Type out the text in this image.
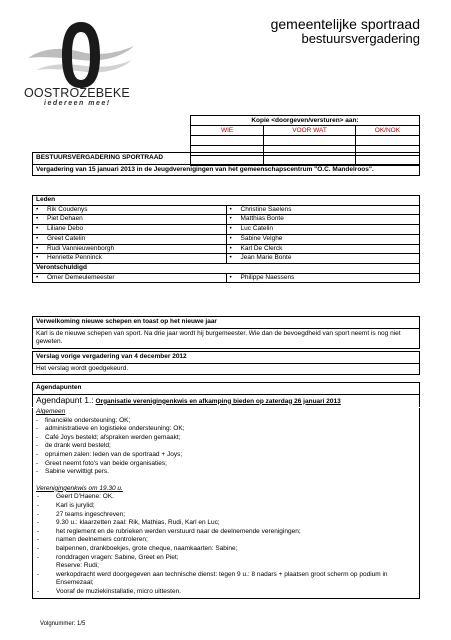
OOSTROZEBEKE
iedereen mee!
gemeentelijke sportraad
bestuursvergadering
Kopie <doorgeven/versturen> aan:		
WIE	VOOR WAT	OK/NOK

BESTUURSVERGADERING SPORTRAAD
Vergadering van 15 januari 2013 in de Jeugdverenigingen van het gemeenschapscentrum "O.C. Mandelroos".
Leden	
• Rik Coudenys	• Christine Saelens
• Piet Dehaen	• Matthias Bonte
• Liliane Debo	• Luc Catelin
• Greet Catelin	• Sabine Velghe
• Rudi Vannieuwenborgh	• Karl De Clerck
• Henriette Penninck	• Jean Marie Bonte
Verontschuldigd	
• Omer Demeulemeester	• Philippe Naessens
Verwelkoming nieuwe schepen en toast op het nieuwe jaar
Karl is de nieuwe schepen van sport. Na drie jaar wordt hij burgemeester. Wie dan de bevoegdheid van sport neemt is nog niet geweten.
Verslag vorige vergadering van 4 december 2012
Het verslag wordt goedgekeurd.
Agendapunten
Agendapunt 1.: Organisatie verenigingenkwis en afkamping bieden op zaterdag 26 januari 2013
Algemeen
- financiële ondersteuning: OK;
- administratieve en logistieke ondersteuning: OK;
- Café Joys besteld; afspraken werden gemaakt;
- de drank werd besteld;
- opruimen zalen: leden van de sportraad + Joys;
- Greet neemt foto's van beide organisaties;
- Sabine verwittigt pers.
Verenigingenkwis om 19.30 u.
- Geert D'Haene: OK.
- Karl is jurylid;
- 27 teams ingeschreven;
- 9.30 u.: klaarzetten zaal: Rik, Mathias, Rudi, Karl en Luc;
- het reglement en de rubrieken werden verstuurd naar de deelnemende verenigingen;
- namen deelnemers controleren;
- balpennen, drankboekjes, grote cheque, naamkaarten: Sabine;
- ronddragen vragen: Sabine, Greet en Piet;
Reserve: Rudi;
- werkopdracht werd doorgegeven aan technische dienst: tegen 9 u.: 8 nadars + plaatsen groot scherm op podium in Ensemezaal;
- Vooraf de muziekinstallatie, micro uittesten.
Volgnummer: 1/5
